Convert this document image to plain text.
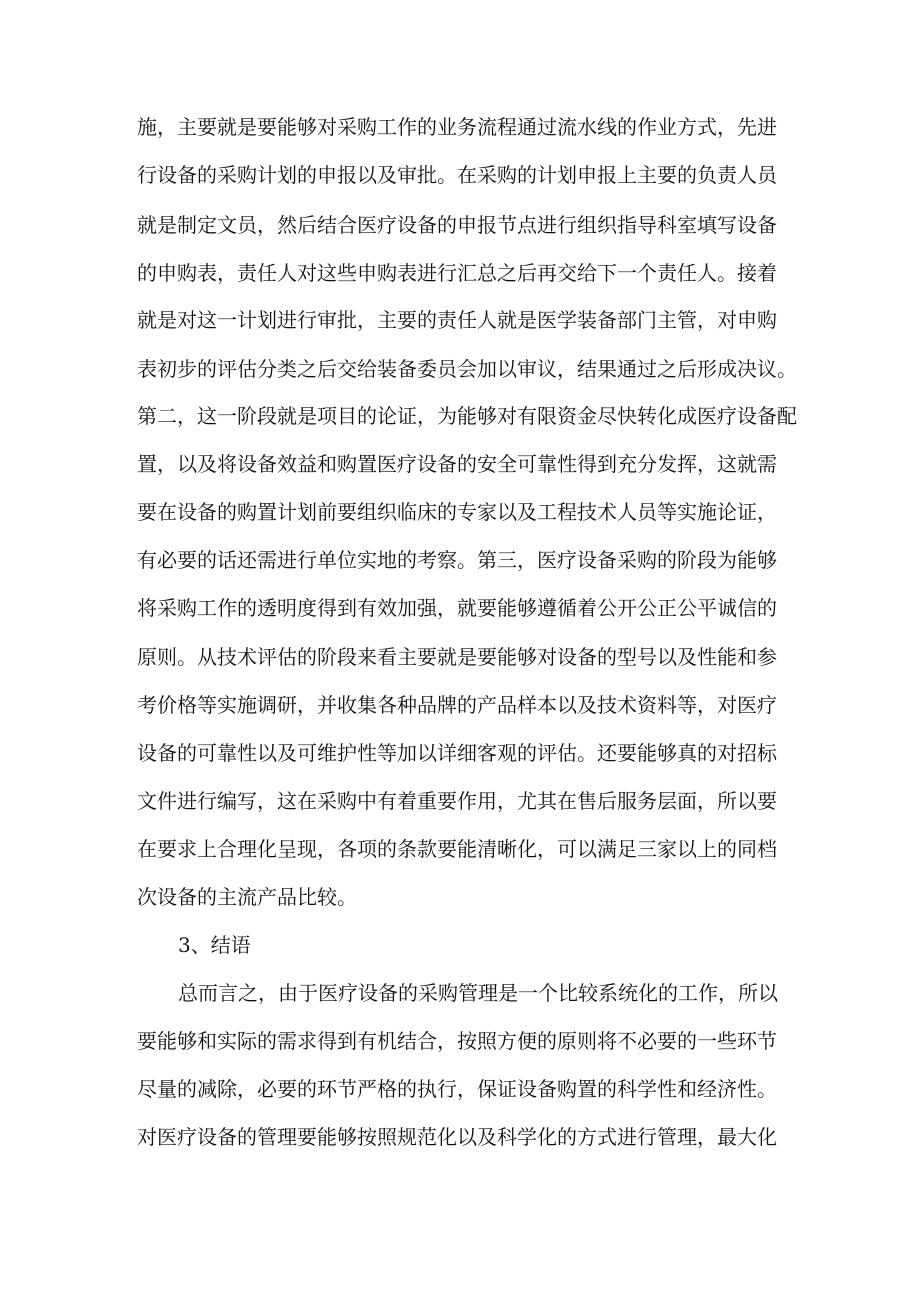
施，主要就是要能够对采购工作的业务流程通过流水线的作业方式，先进
行设备的采购计划的申报以及审批。在采购的计划申报上主要的负责人员
就是制定文员，然后结合医疗设备的申报节点进行组织指导科室填写设备
的申购表，责任人对这些申购表进行汇总之后再交给下一个责任人。接着
就是对这一计划进行审批，主要的责任人就是医学装备部门主管，对申购
表初步的评估分类之后交给装备委员会加以审议，结果通过之后形成决议。
第二，这一阶段就是项目的论证，为能够对有限资金尽快转化成医疗设备配
置，以及将设备效益和购置医疗设备的安全可靠性得到充分发挥，这就需
要在设备的购置计划前要组织临床的专家以及工程技术人员等实施论证，
有必要的话还需进行单位实地的考察。第三，医疗设备采购的阶段为能够
将采购工作的透明度得到有效加强，就要能够遵循着公开公正公平诚信的
原则。从技术评估的阶段来看主要就是要能够对设备的型号以及性能和参
考价格等实施调研，并收集各种品牌的产品样本以及技术资料等，对医疗
设备的可靠性以及可维护性等加以详细客观的评估。还要能够真的对招标
文件进行编写，这在采购中有着重要作用，尤其在售后服务层面，所以要
在要求上合理化呈现，各项的条款要能清晰化，可以满足三家以上的同档
次设备的主流产品比较。
3、结语
总而言之，由于医疗设备的采购管理是一个比较系统化的工作，所以
要能够和实际的需求得到有机结合，按照方便的原则将不必要的一些环节
尽量的减除，必要的环节严格的执行，保证设备购置的科学性和经济性。
对医疗设备的管理要能够按照规范化以及科学化的方式进行管理，最大化
